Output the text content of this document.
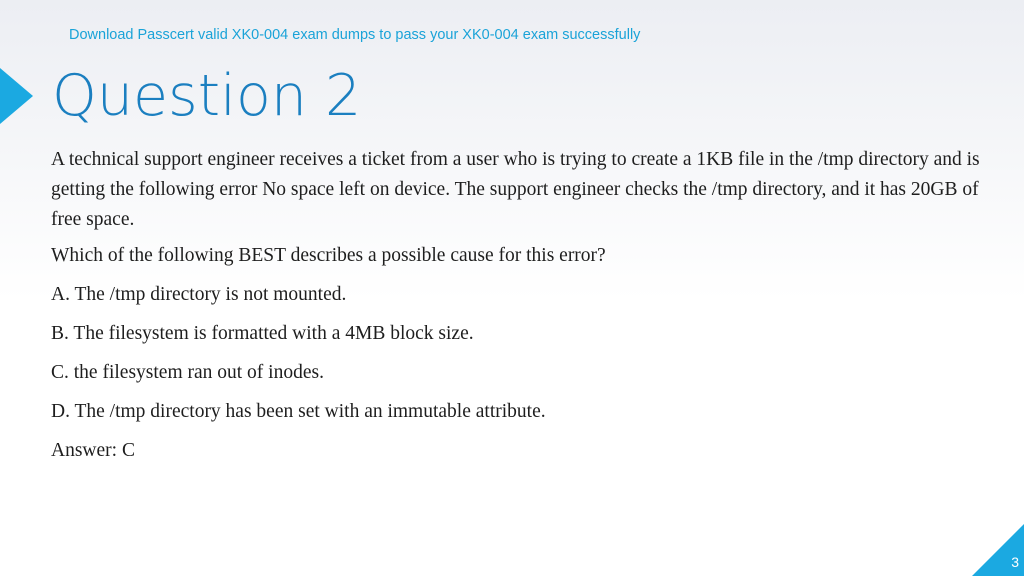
Download Passcert valid XK0-004 exam dumps to pass your XK0-004 exam successfully
Question 2

A technical support engineer receives a ticket from a user who is trying to create a 1KB file in the /tmp directory and is getting the following error No space left on device. The support engineer checks the /tmp directory, and it has 20GB of free space.

Which of the following BEST describes a possible cause for this error?

A. The /tmp directory is not mounted.

B. The filesystem is formatted with a 4MB block size.

C. the filesystem ran out of inodes.

D. The /tmp directory has been set with an immutable attribute.

Answer: C

3
